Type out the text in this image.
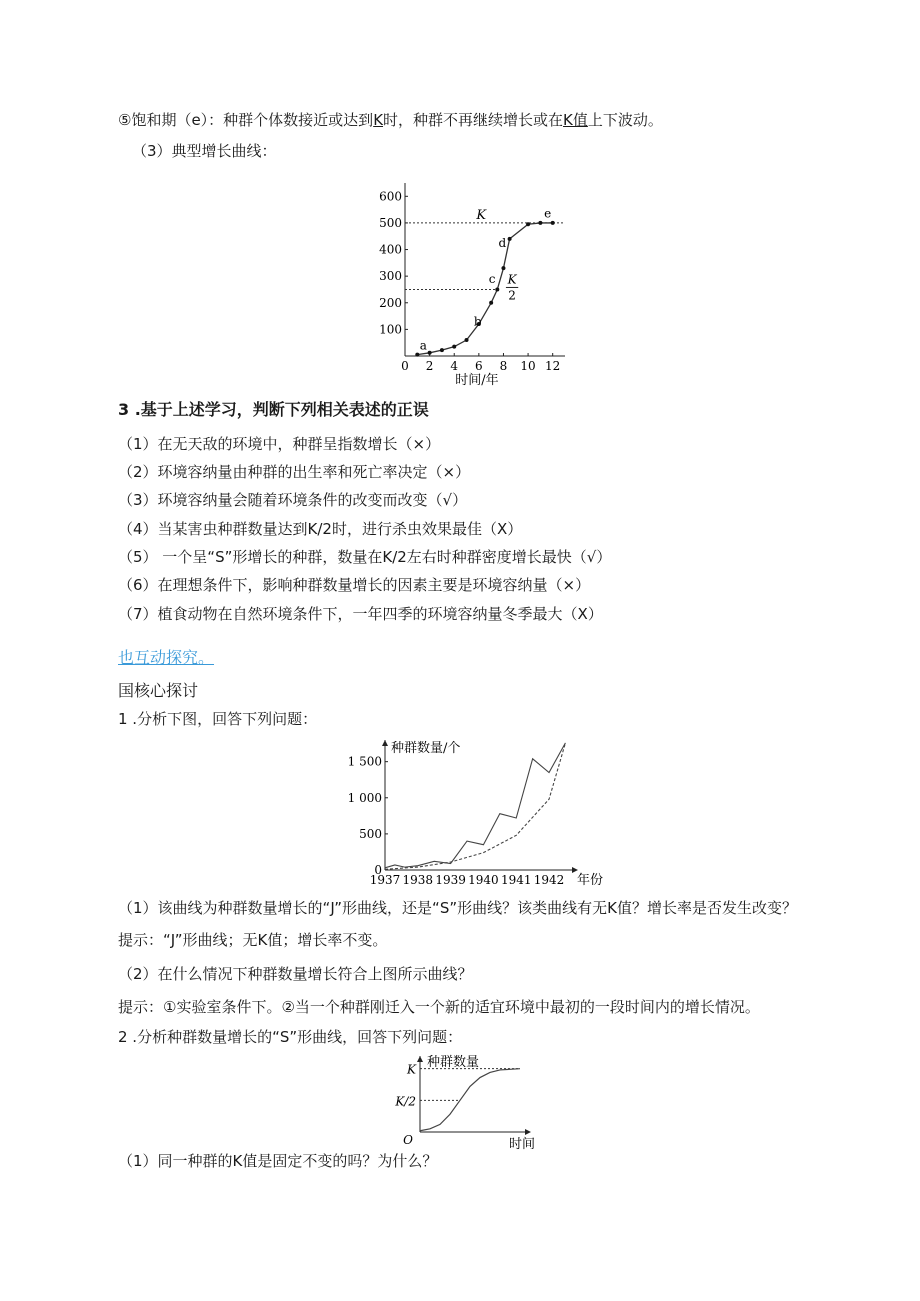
⑤饱和期（e）：种群个体数接近或达到K时，种群不再继续增长或在K值上下波动。
（3）典型增长曲线：
0 2 4 6 8 10 12
100
200
300
400
500
600
时间/年
K
K
2
a
b
c
d
e
3 .基于上述学习，判断下列相关表述的正误
（1）在无天敌的环境中，种群呈指数增长（×）
（2）环境容纳量由种群的出生率和死亡率决定（×）
（3）环境容纳量会随着环境条件的改变而改变（√）
（4）当某害虫种群数量达到K/2时，进行杀虫效果最佳（X）
（5） 一个呈“S”形增长的种群，数量在K/2左右时种群密度增长最快（√）
（6）在理想条件下，影响种群数量增长的因素主要是环境容纳量（×）
（7）植食动物在自然环境条件下，一年四季的环境容纳量冬季最大（X）
也互动探究。
国核心探讨
1 .分析下图，回答下列问题：
种群数量/个
0
500
1 000
1 500
1937 1938 1939 1940 1941 1942 年份
（1）该曲线为种群数量增长的“J”形曲线，还是“S”形曲线？该类曲线有无K值？增长率是否发生改变？
提示：“J”形曲线；无K值；增长率不变。
（2）在什么情况下种群数量增长符合上图所示曲线？
提示：①实验室条件下。②当一个种群刚迁入一个新的适宜环境中最初的一段时间内的增长情况。
2 .分析种群数量增长的“S”形曲线，回答下列问题：
种群数量
O	时间
K
K/2
（1）同一种群的K值是固定不变的吗？为什么？
